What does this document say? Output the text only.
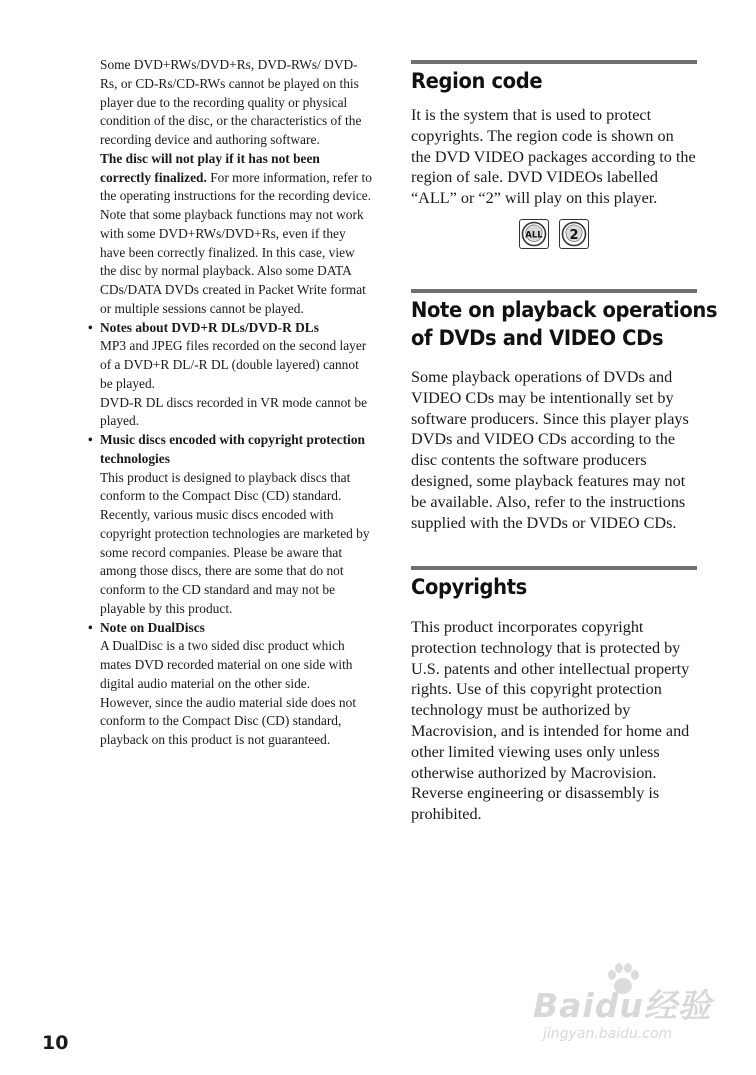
Some DVD+RWs/DVD+Rs, DVD-RWs/ DVD-Rs, or CD-Rs/CD-RWs cannot be played on this player due to the recording quality or physical condition of the disc, or the characteristics of the recording device and authoring software.

The disc will not play if it has not been correctly finalized. For more information, refer to the operating instructions for the recording device. Note that some playback functions may not work with some DVD+RWs/DVD+Rs, even if they have been correctly finalized. In this case, view the disc by normal playback. Also some DATA CDs/DATA DVDs created in Packet Write format or multiple sessions cannot be played.

• Notes about DVD+R DLs/DVD-R DLs

MP3 and JPEG files recorded on the second layer of a DVD+R DL/-R DL (double layered) cannot be played.

DVD-R DL discs recorded in VR mode cannot be played.

• Music discs encoded with copyright protection technologies

This product is designed to playback discs that conform to the Compact Disc (CD) standard.

Recently, various music discs encoded with copyright protection technologies are marketed by some record companies. Please be aware that among those discs, there are some that do not conform to the CD standard and may not be playable by this product.

• Note on DualDiscs

A DualDisc is a two sided disc product which mates DVD recorded material on one side with digital audio material on the other side.

However, since the audio material side does not conform to the Compact Disc (CD) standard, playback on this product is not guaranteed.

Region code

It is the system that is used to protect copyrights. The region code is shown on the DVD VIDEO packages according to the region of sale. DVD VIDEOs labelled “ALL” or “2” will play on this player.

ALL 2
Note on playback operations
of DVDs and VIDEO CDs

Some playback operations of DVDs and VIDEO CDs may be intentionally set by software producers. Since this player plays DVDs and VIDEO CDs according to the disc contents the software producers designed, some playback features may not be available. Also, refer to the instructions supplied with the DVDs or VIDEO CDs.

Copyrights

This product incorporates copyright protection technology that is protected by U.S. patents and other intellectual property rights. Use of this copyright protection technology must be authorized by Macrovision, and is intended for home and other limited viewing uses only unless otherwise authorized by Macrovision. Reverse engineering or disassembly is prohibited.

10
Baidu经验
jingyan.baidu.com
